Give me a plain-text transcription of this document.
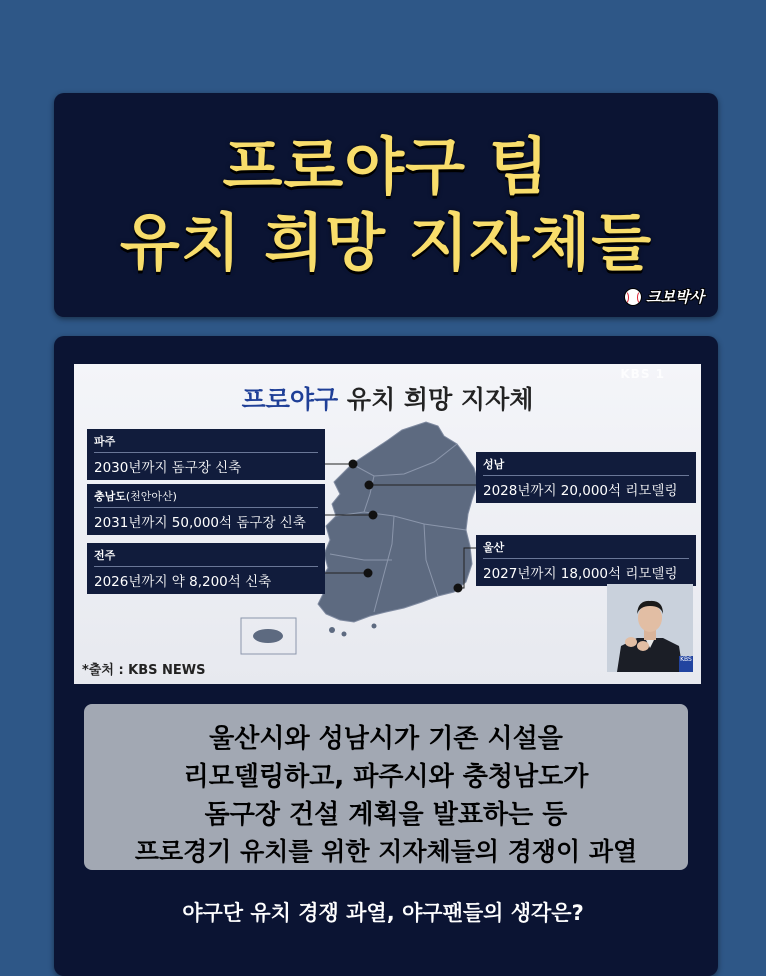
프로야구 팀
유치 희망 지자체들
크보박사
KBS 1
프로야구 유치 희망 지자체
파주
2030년까지 돔구장 신축
충남도(천안아산)
2031년까지 50,000석 돔구장 신축
전주
2026년까지 약 8,200석 신축
성남
2028년까지 20,000석 리모델링
울산
2027년까지 18,000석 리모델링
KBS
*출처 : KBS NEWS
울산시와 성남시가 기존 시설을
리모델링하고, 파주시와 충청남도가
돔구장 건설 계획을 발표하는 등
프로경기 유치를 위한 지자체들의 경쟁이 과열
야구단 유치 경쟁 과열, 야구팬들의 생각은?
